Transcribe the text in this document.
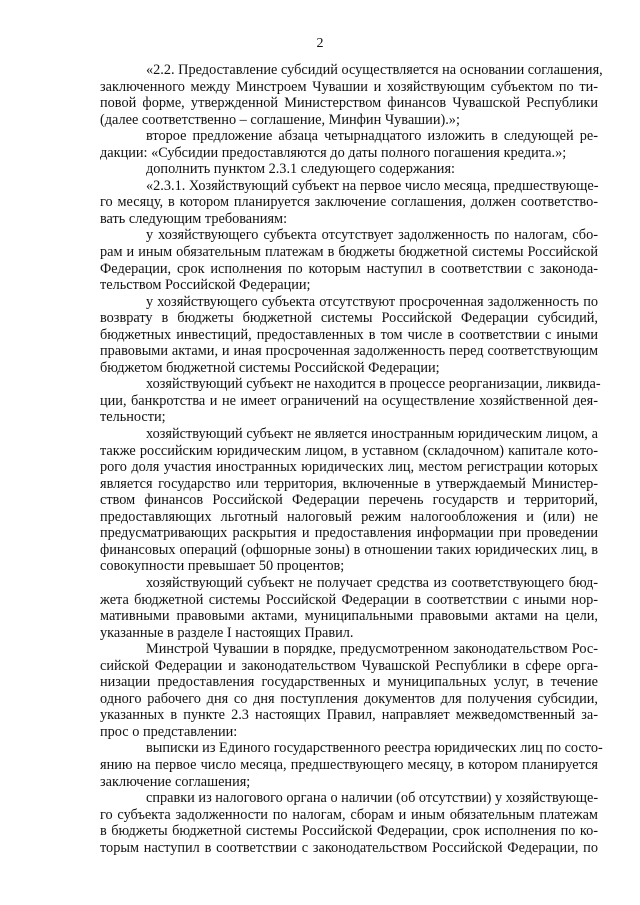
2
«2.2. Предоставление субсидий осуществляется на основании соглашения,
заключенного между Минстроем Чувашии и хозяйствующим субъектом по ти-
повой форме, утвержденной Министерством финансов Чувашской Республики
(далее соответственно – соглашение, Минфин Чувашии).»;
второе предложение абзаца четырнадцатого изложить в следующей ре-
дакции: «Субсидии предоставляются до даты полного погашения кредита.»;
дополнить пунктом 2.3.1 следующего содержания:
«2.3.1. Хозяйствующий субъект на первое число месяца, предшествующе-
го месяцу, в котором планируется заключение соглашения, должен соответство-
вать следующим требованиям:
у хозяйствующего субъекта отсутствует задолженность по налогам, сбо-
рам и иным обязательным платежам в бюджеты бюджетной системы Российской
Федерации, срок исполнения по которым наступил в соответствии с законода-
тельством Российской Федерации;
у хозяйствующего субъекта отсутствуют просроченная задолженность по
возврату в бюджеты бюджетной системы Российской Федерации субсидий,
бюджетных инвестиций, предоставленных в том числе в соответствии с иными
правовыми актами, и иная просроченная задолженность перед соответствующим
бюджетом бюджетной системы Российской Федерации;
хозяйствующий субъект не находится в процессе реорганизации, ликвида-
ции, банкротства и не имеет ограничений на осуществление хозяйственной дея-
тельности;
хозяйствующий субъект не является иностранным юридическим лицом, а
также российским юридическим лицом, в уставном (складочном) капитале кото-
рого доля участия иностранных юридических лиц, местом регистрации которых
является государство или территория, включенные в утверждаемый Министер-
ством финансов Российской Федерации перечень государств и территорий,
предоставляющих льготный налоговый режим налогообложения и (или) не
предусматривающих раскрытия и предоставления информации при проведении
финансовых операций (офшорные зоны) в отношении таких юридических лиц, в
совокупности превышает 50 процентов;
хозяйствующий субъект не получает средства из соответствующего бюд-
жета бюджетной системы Российской Федерации в соответствии с иными нор-
мативными правовыми актами, муниципальными правовыми актами на цели,
указанные в разделе I настоящих Правил.
Минстрой Чувашии в порядке, предусмотренном законодательством Рос-
сийской Федерации и законодательством Чувашской Республики в сфере орга-
низации предоставления государственных и муниципальных услуг, в течение
одного рабочего дня со дня поступления документов для получения субсидии,
указанных в пункте 2.3 настоящих Правил, направляет межведомственный за-
прос о представлении:
выписки из Единого государственного реестра юридических лиц по состо-
янию на первое число месяца, предшествующего месяцу, в котором планируется
заключение соглашения;
справки из налогового органа о наличии (об отсутствии) у хозяйствующе-
го субъекта задолженности по налогам, сборам и иным обязательным платежам
в бюджеты бюджетной системы Российской Федерации, срок исполнения по ко-
торым наступил в соответствии с законодательством Российской Федерации, по
